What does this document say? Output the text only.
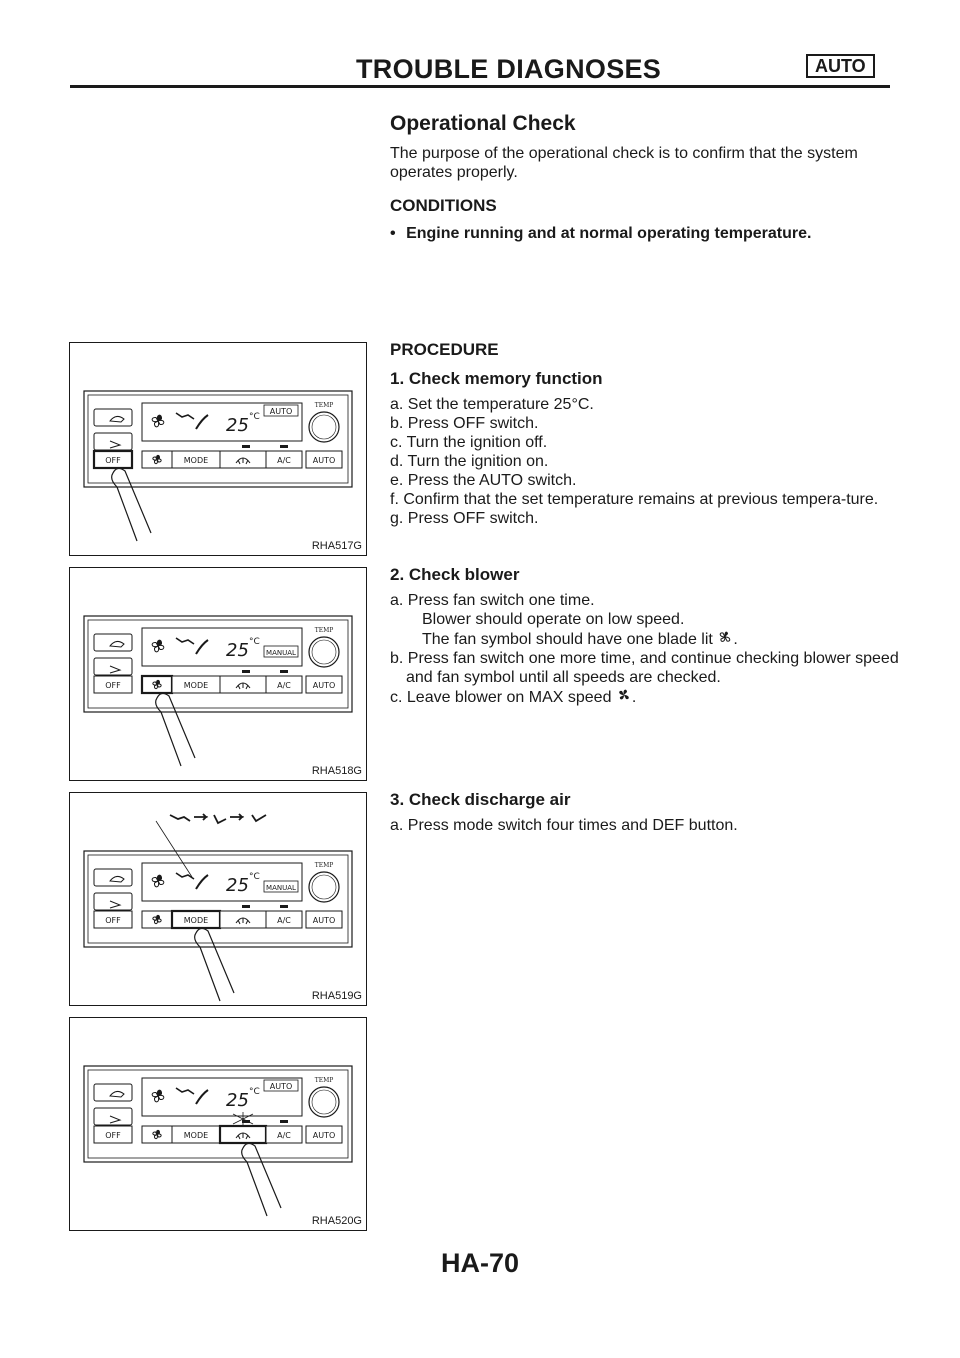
TROUBLE DIAGNOSES	AUTO
Operational Check

The purpose of the operational check is to confirm that the system operates properly.

CONDITIONS

• Engine running and at normal operating temperature.

PROCEDURE
1. Check memory function
a. Set the temperature 25°C.
b. Press OFF switch.
c. Turn the ignition off.
d. Turn the ignition on.
e. Press the AUTO switch.
f. Confirm that the set temperature remains at previous tempera-ture.
g. Press OFF switch.
2. Check blower
a. Press fan switch one time.
Blower should operate on low speed.
The fan symbol should have one blade lit .
b. Press fan switch one more time, and continue checking blower speed and fan symbol until all speeds are checked.
c. Leave blower on MAX speed .
3. Check discharge air
a. Press mode switch four times and DEF button.
25 °C
AUTO
OFF	MODE	A/C
TEMP
AUTO
RHA517G
25 °C
MANUAL
OFF	MODE	A/C
TEMP
AUTO
RHA518G
25 °C
MANUAL
OFF	MODE	A/C
TEMP
AUTO
RHA519G
25 °C
AUTO
OFF	MODE	A/C
TEMP
AUTO
RHA520G
HA-70
